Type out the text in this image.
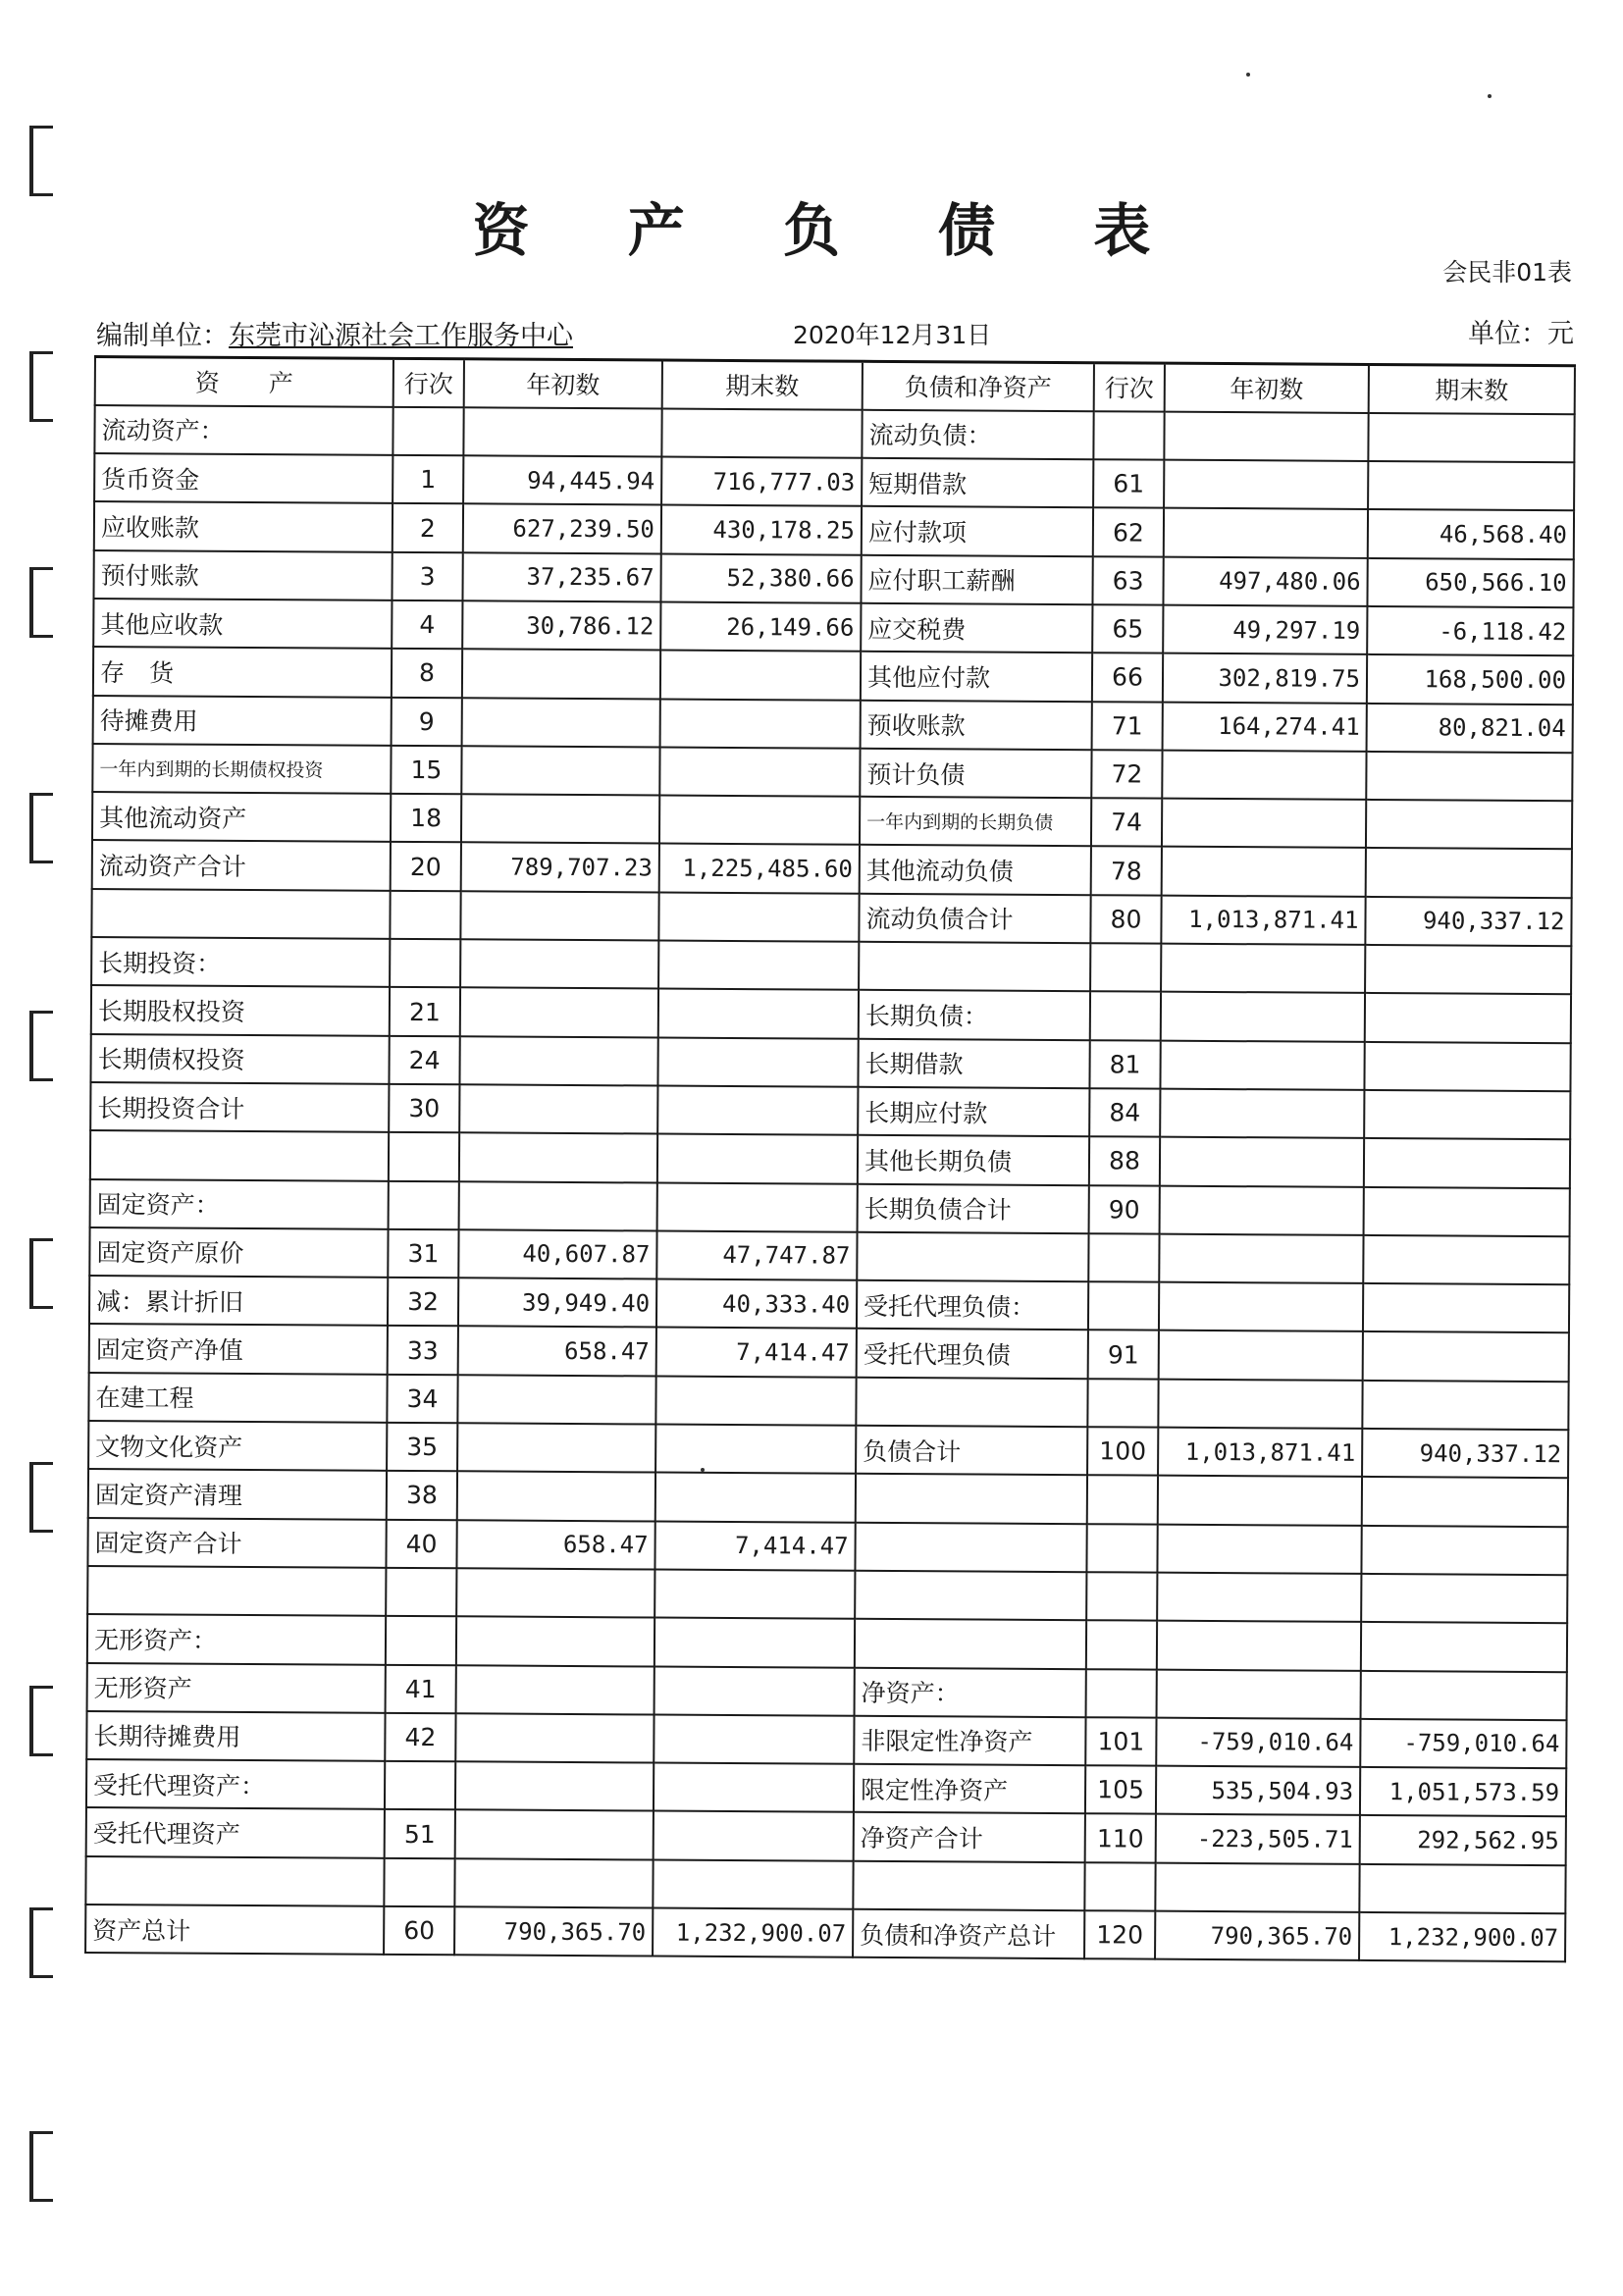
资 产 负 债 表
会民非01表
编制单位：东莞市沁源社会工作服务中心	2020年12月31日	单位：元
资　　产	行次	年初数	期末数	负债和净资产	行次	年初数	期末数
流动资产：				流动负债：			
货币资金	1	94,445.94	716,777.03	短期借款	61		
应收账款	2	627,239.50	430,178.25	应付款项	62		46,568.40
预付账款	3	37,235.67	52,380.66	应付职工薪酬	63	497,480.06	650,566.10
其他应收款	4	30,786.12	26,149.66	应交税费	65	49,297.19	-6,118.42
存　货	8			其他应付款	66	302,819.75	168,500.00
待摊费用	9			预收账款	71	164,274.41	80,821.04
一年内到期的长期债权投资	15			预计负债	72		
其他流动资产	18			一年内到期的长期负债	74		
流动资产合计	20	789,707.23	1,225,485.60	其他流动负债	78		
				流动负债合计	80	1,013,871.41	940,337.12
长期投资：							
长期股权投资	21			长期负债：			
长期债权投资	24			长期借款	81		
长期投资合计	30			长期应付款	84		
				其他长期负债	88		
固定资产：				长期负债合计	90		
固定资产原价	31	40,607.87	47,747.87				
减：累计折旧	32	39,949.40	40,333.40	受托代理负债：			
固定资产净值	33	658.47	7,414.47	受托代理负债	91		
在建工程	34						
文物文化资产	35			负债合计	100	1,013,871.41	940,337.12
固定资产清理	38						
固定资产合计	40	658.47	7,414.47				

无形资产：							
无形资产	41			净资产：			
长期待摊费用	42			非限定性净资产	101	-759,010.64	-759,010.64
受托代理资产：				限定性净资产	105	535,504.93	1,051,573.59
受托代理资产	51			净资产合计	110	-223,505.71	292,562.95

资产总计	60	790,365.70	1,232,900.07	负债和净资产总计	120	790,365.70	1,232,900.07
